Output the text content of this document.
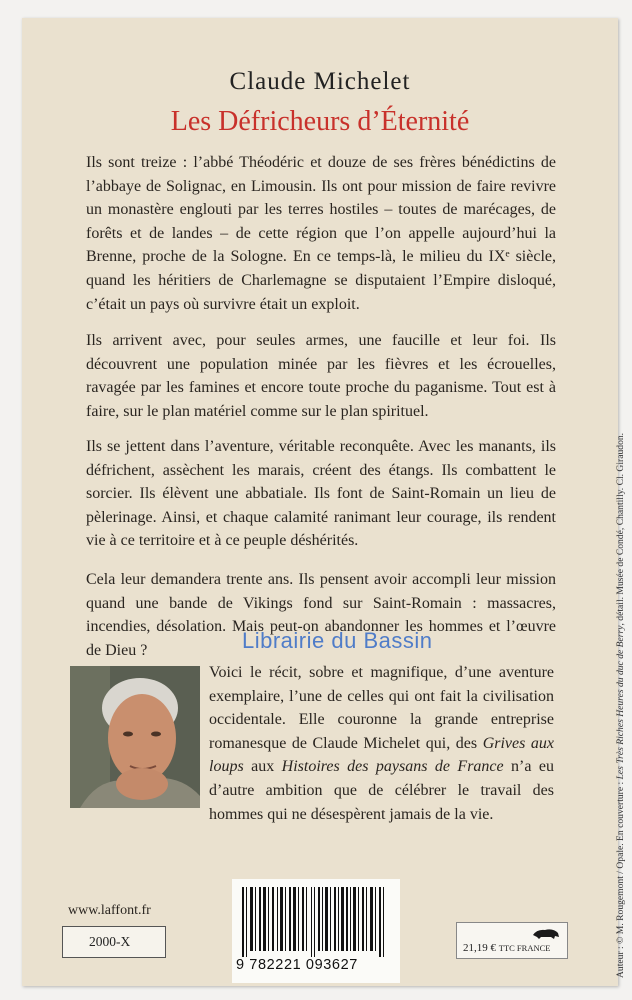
Claude Michelet
Les Défricheurs d’Éternité

Ils sont treize : l’abbé Théodéric et douze de ses frères bénédictins de l’abbaye de Solignac, en Limousin. Ils ont pour mission de faire revivre un monastère englouti par les terres hostiles – toutes de marécages, de forêts et de landes – de cette région que l’on appelle aujourd’hui la Brenne, proche de la Sologne. En ce temps-là, le milieu du IXᵉ siècle, quand les héritiers de Charlemagne se disputaient l’Empire disloqué, c’était un pays où survivre était un exploit.

Ils arrivent avec, pour seules armes, une faucille et leur foi. Ils découvrent une population minée par les fièvres et les écrouelles, ravagée par les famines et encore toute proche du paganisme. Tout est à faire, sur le plan matériel comme sur le plan spirituel.

Ils se jettent dans l’aventure, véritable reconquête. Avec les manants, ils défrichent, assèchent les marais, créent des étangs. Ils combattent le sorcier. Ils élèvent une abbatiale. Ils font de Saint-Romain un lieu de pèlerinage. Ainsi, et chaque calamité ranimant leur courage, ils rendent vie à ce territoire et à ce peuple déshérités.

Cela leur demandera trente ans. Ils pensent avoir accompli leur mission quand une bande de Vikings fond sur Saint-Romain : massacres, incendies, désolation. Mais peut-on abandonner les hommes et l’œuvre de Dieu ?

Voici le récit, sobre et magnifique, d’une aventure exemplaire, l’une de celles qui ont fait la civilisation occidentale. Elle couronne la grande entreprise romanesque de Claude Michelet qui, des Grives aux loups aux Histoires des paysans de France n’a eu d’autre ambition que de célébrer le travail des hommes qui ne désespèrent jamais de la vie.

Librairie du Bassin
Auteur : © M. Rougemont / Opale. En couverture : Les Très Riches Heures du duc de Berry, détail. Musée de Condé, Chantilly. Cl. Giraudon.
www.laffont.fr
2000-X
9 782221 093627
21,19 € TTC FRANCE
